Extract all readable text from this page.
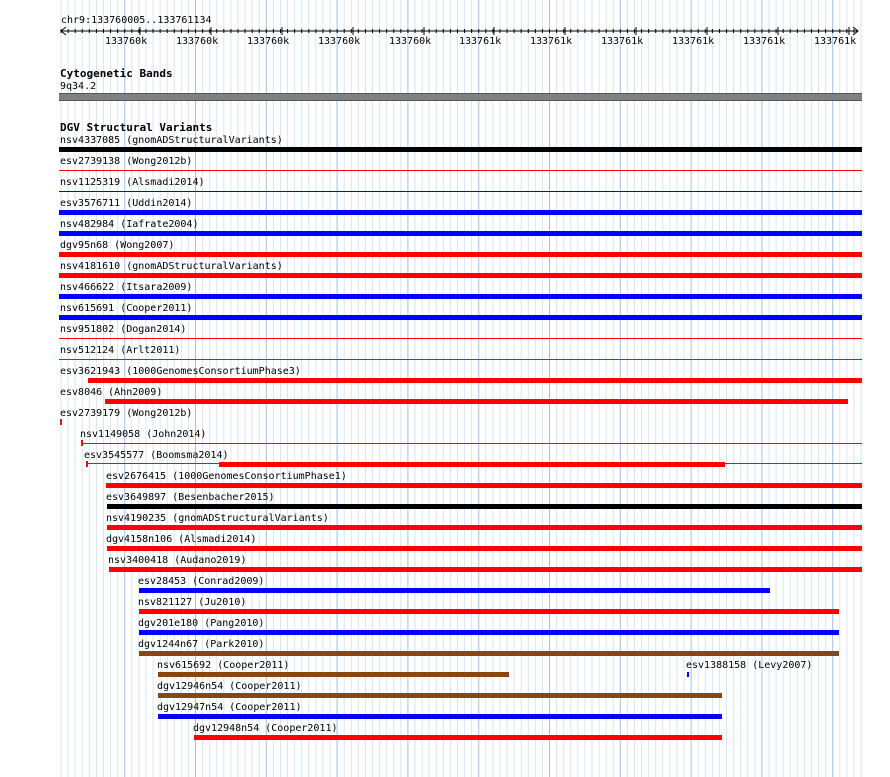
chr9:133760005..133761134
133760k	133760k	133760k	133760k	133760k	133761k	133761k	133761k	133761k	133761k	133761k
Cytogenetic Bands
9q34.2
DGV Structural Variants
nsv4337085 (gnomADStructuralVariants)
esv2739138 (Wong2012b)
nsv1125319 (Alsmadi2014)
esv3576711 (Uddin2014)
nsv482984 (Iafrate2004)
dgv95n68 (Wong2007)
nsv4181610 (gnomADStructuralVariants)
nsv466622 (Itsara2009)
nsv615691 (Cooper2011)
nsv951802 (Dogan2014)
nsv512124 (Arlt2011)
esv3621943 (1000GenomesConsortiumPhase3)
esv8046 (Ahn2009)
esv2739179 (Wong2012b)
nsv1149058 (John2014)
esv3545577 (Boomsma2014)
esv2676415 (1000GenomesConsortiumPhase1)
esv3649897 (Besenbacher2015)
nsv4190235 (gnomADStructuralVariants)
dgv4158n106 (Alsmadi2014)
nsv3400418 (Audano2019)
esv28453 (Conrad2009)
nsv821127 (Ju2010)
dgv201e180 (Pang2010)
dgv1244n67 (Park2010)
nsv615692 (Cooper2011)	esv1388158 (Levy2007)
dgv12946n54 (Cooper2011)
dgv12947n54 (Cooper2011)
dgv12948n54 (Cooper2011)
